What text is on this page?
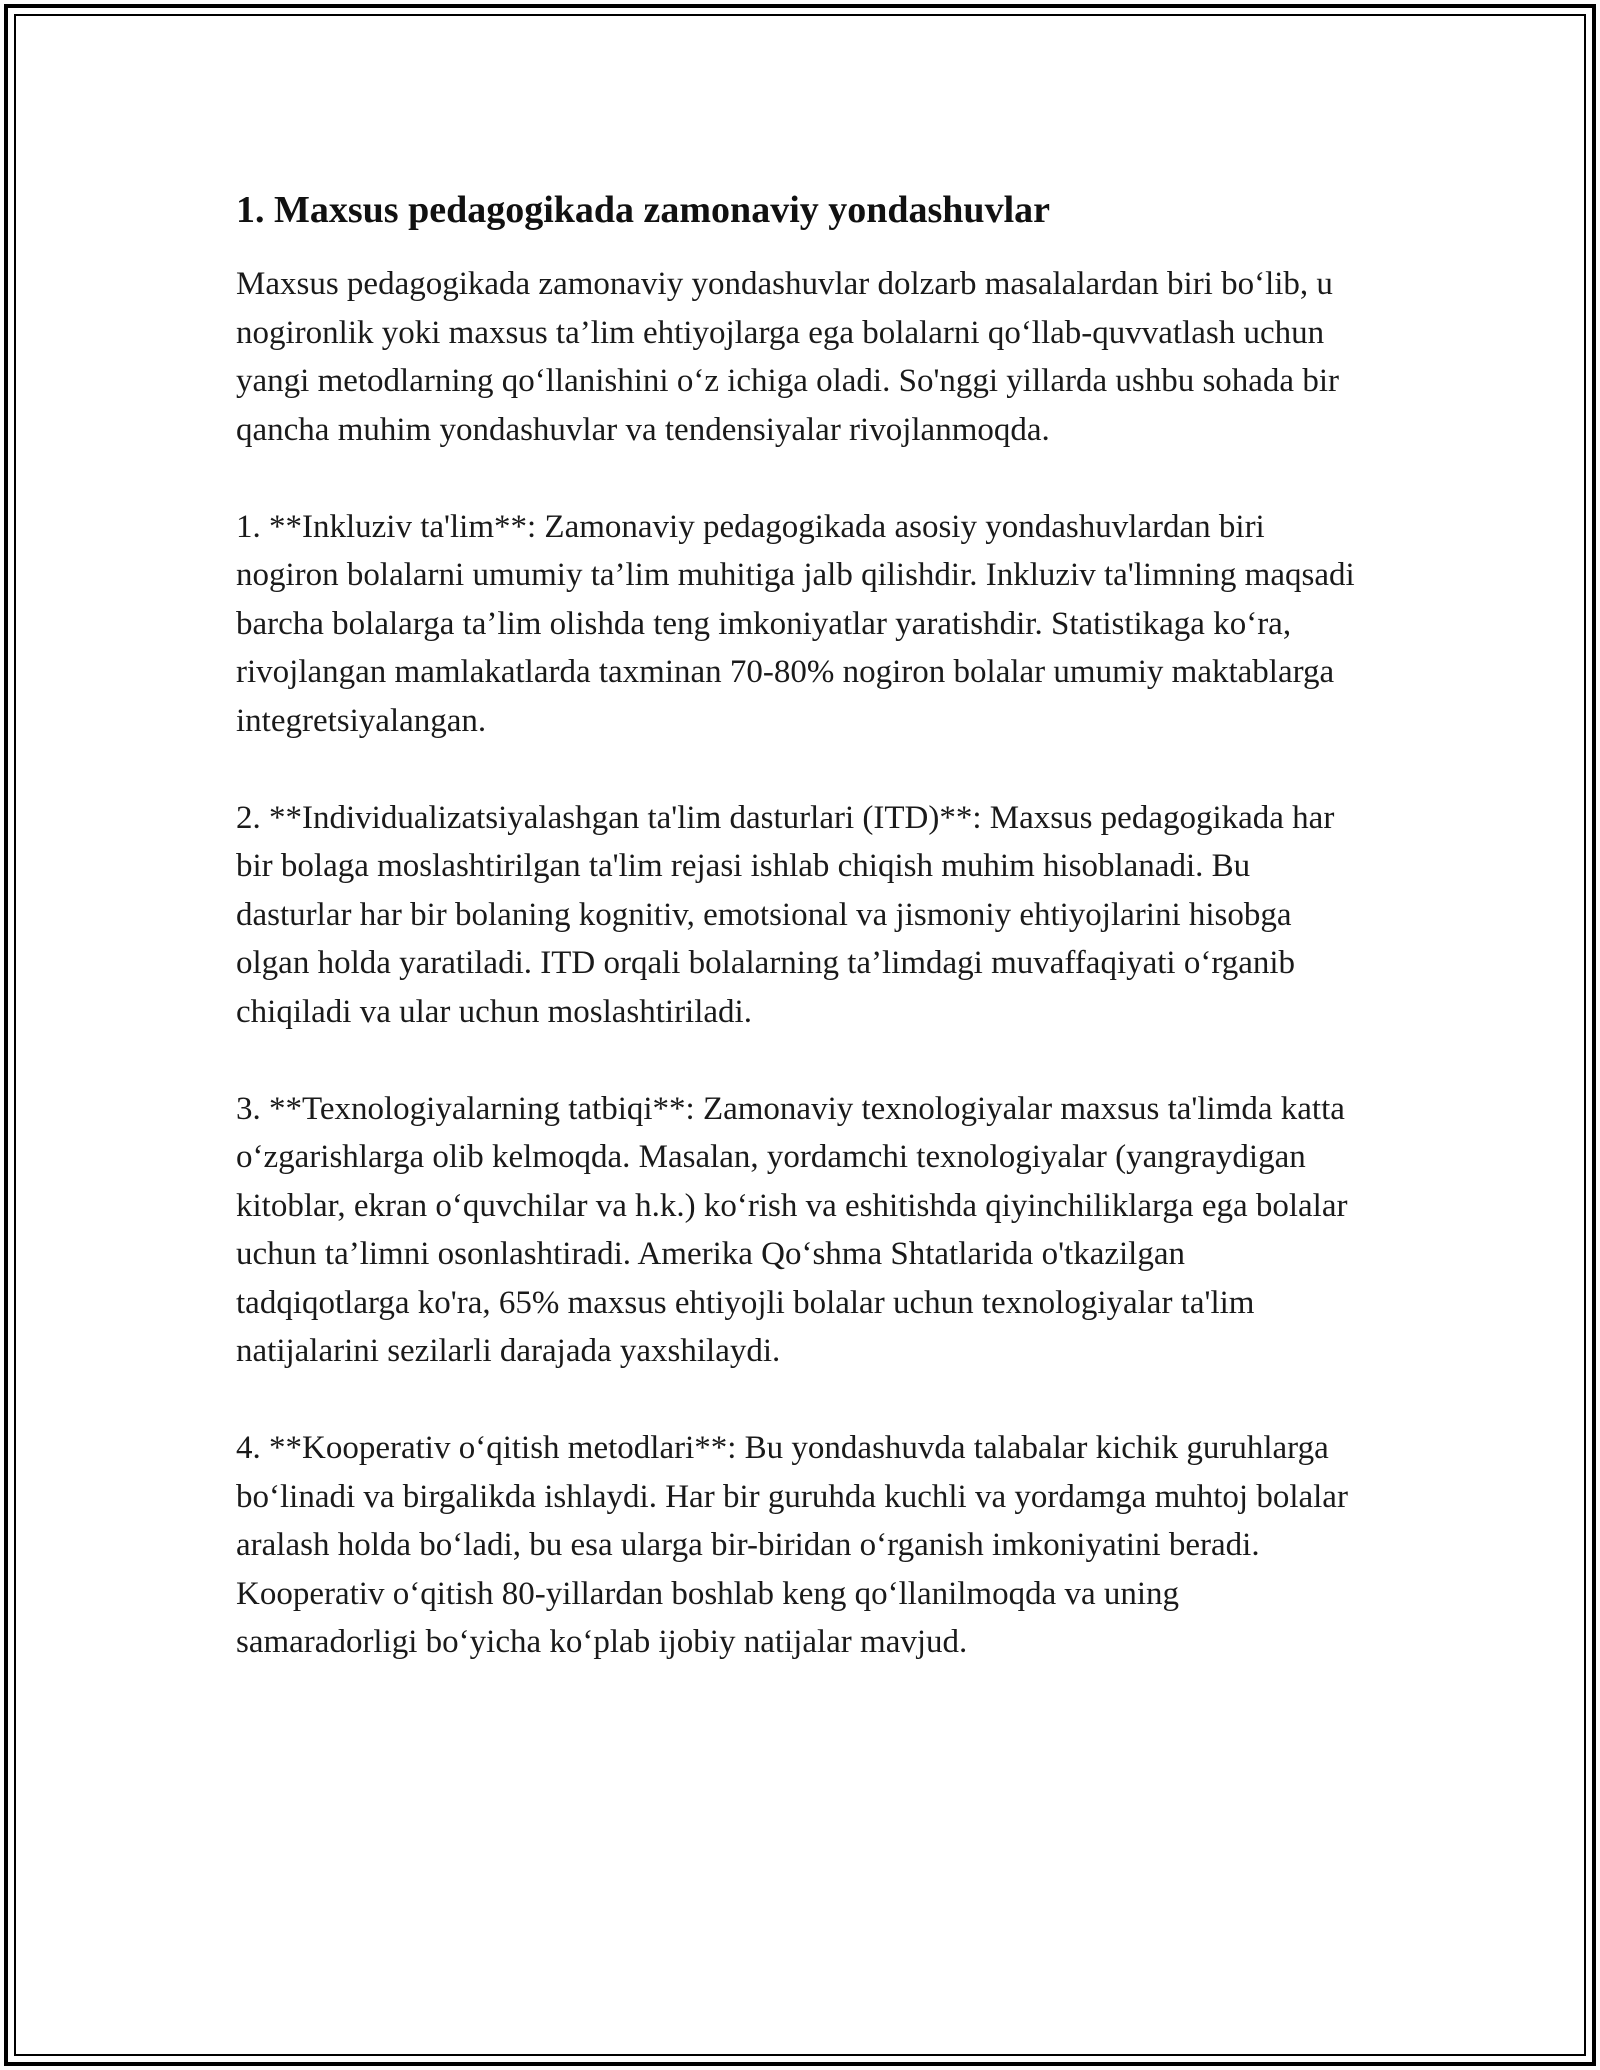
1. Maxsus pedagogikada zamonaviy yondashuvlar

Maxsus pedagogikada zamonaviy yondashuvlar dolzarb masalalardan biri bo‘lib, u nogironlik yoki maxsus ta’lim ehtiyojlarga ega bolalarni qo‘llab-quvvatlash uchun yangi metodlarning qo‘llanishini o‘z ichiga oladi. So'nggi yillarda ushbu sohada bir qancha muhim yondashuvlar va tendensiyalar rivojlanmoqda.

1. **Inkluziv ta'lim**: Zamonaviy pedagogikada asosiy yondashuvlardan biri nogiron bolalarni umumiy ta’lim muhitiga jalb qilishdir. Inkluziv ta'limning maqsadi barcha bolalarga ta’lim olishda teng imkoniyatlar yaratishdir. Statistikaga ko‘ra, rivojlangan mamlakatlarda taxminan 70-80% nogiron bolalar umumiy maktablarga integretsiyalangan.

2. **Individualizatsiyalashgan ta'lim dasturlari (ITD)**: Maxsus pedagogikada har bir bolaga moslashtirilgan ta'lim rejasi ishlab chiqish muhim hisoblanadi. Bu dasturlar har bir bolaning kognitiv, emotsional va jismoniy ehtiyojlarini hisobga olgan holda yaratiladi. ITD orqali bolalarning ta’limdagi muvaffaqiyati o‘rganib chiqiladi va ular uchun moslashtiriladi.

3. **Texnologiyalarning tatbiqi**: Zamonaviy texnologiyalar maxsus ta'limda katta o‘zgarishlarga olib kelmoqda. Masalan, yordamchi texnologiyalar (yangraydigan kitoblar, ekran o‘quvchilar va h.k.) ko‘rish va eshitishda qiyinchiliklarga ega bolalar uchun ta’limni osonlashtiradi. Amerika Qo‘shma Shtatlarida o'tkazilgan tadqiqotlarga ko'ra, 65% maxsus ehtiyojli bolalar uchun texnologiyalar ta'lim natijalarini sezilarli darajada yaxshilaydi.

4. **Kooperativ o‘qitish metodlari**: Bu yondashuvda talabalar kichik guruhlarga bo‘linadi va birgalikda ishlaydi. Har bir guruhda kuchli va yordamga muhtoj bolalar aralash holda bo‘ladi, bu esa ularga bir-biridan o‘rganish imkoniyatini beradi. Kooperativ o‘qitish 80-yillardan boshlab keng qo‘llanilmoqda va uning samaradorligi bo‘yicha ko‘plab ijobiy natijalar mavjud.
